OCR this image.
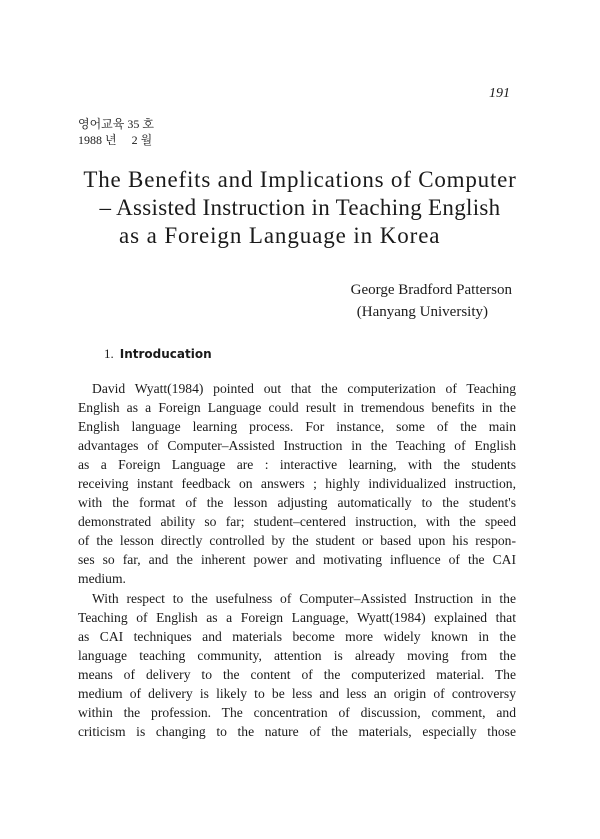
191
영어교육 35 호
1988 년     2 월
The Benefits and Implications of Computer
– Assisted Instruction in Teaching English
as a Foreign Language in Korea
George Bradford Patterson
(Hanyang University)
1. Introducation
David Wyatt(1984) pointed out that the computerization of Teaching
English as a Foreign Language could result in tremendous benefits in the
English language learning process. For instance, some of the main
advantages of Computer–Assisted Instruction in the Teaching of English
as a Foreign Language are : interactive learning, with the students
receiving instant feedback on answers ; highly individualized instruction,
with the format of the lesson adjusting automatically to the student's
demonstrated ability so far; student–centered instruction, with the speed
of the lesson directly controlled by the student or based upon his respon-
ses so far, and the inherent power and motivating influence of the CAI
medium.
With respect to the usefulness of Computer–Assisted Instruction in the
Teaching of English as a Foreign Language, Wyatt(1984) explained that
as CAI techniques and materials become more widely known in the
language teaching community, attention is already moving from the
means of delivery to the content of the computerized material. The
medium of delivery is likely to be less and less an origin of controversy
within the profession. The concentration of discussion, comment, and
criticism is changing to the nature of the materials, especially those
